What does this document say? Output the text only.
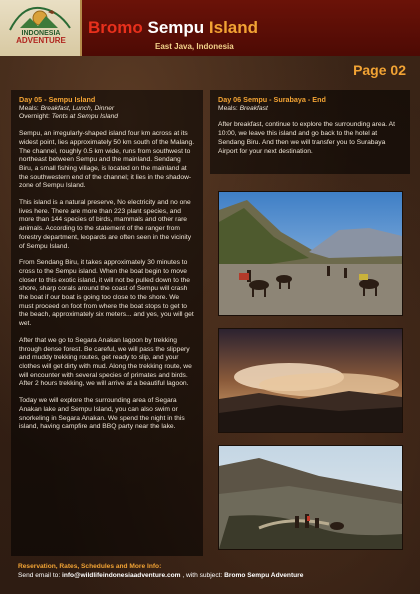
INDONESIA
ADVENTURE
Bromo Sempu Island
East Java, Indonesia
Page 02

Day 05 - Sempu Island

Meals: Breakfast, Lunch, Dinner

Overnight: Tents at Sempu Island

Sempu, an irregularly-shaped island four km across at its widest point, lies approximately 50 km south of the Malang. The channel, roughly 0.5 km wide, runs from southwest to northeast between Sempu and the mainland. Sendang Biru, a small fishing village, is located on the mainland at the southwestern end of the channel; it lies in the shadow-zone of Sempu Island.

This island is a natural preserve, No electricity and no one lives here. There are more than 223 plant species, and more than 144 species of birds, mammals and other rare animals. According to the statement of the ranger from forestry department, leopards are often seen in the vicinity of Sempu Island.

From Sendang Biru, it takes approximately 30 minutes to cross to the Sempu island. When the boat begin to move closer to this exotic island, it will not be pulled down to the shore, sharp corals around the coast of Sempu will crash the boat if our boat is going too close to the shore. We must proceed on foot from where the boat stops to get to the beach, approximately six meters... and yes, you will get wet.

After that we go to Segara Anakan lagoon by trekking through dense forest. Be careful, we will pass the slippery and muddy trekking routes, get ready to slip, and your clothes will get dirty with mud. Along the trekking route, we will encounter with several species of primates and birds. After 2 hours trekking, we will arrive at a beautiful lagoon.

Today we will explore the surrounding area of Segara Anakan lake and Sempu Island, you can also swim or snorkeling in Segara Anakan. We spend the night in this island, having campfire and BBQ party near the lake.

Day 06 Sempu - Surabaya - End

Meals: Breakfast

After breakfast, continue to explore the surrounding area. At 10:00, we leave this island and go back to the hotel at Sendang Biru. And then we will transfer you to Surabaya Airport for your next destination.

Reservation, Rates, Schedules and More Info:
Send email to: info@wildlifeindonesiaadventure.com , with subject: Bromo Sempu Adventure
